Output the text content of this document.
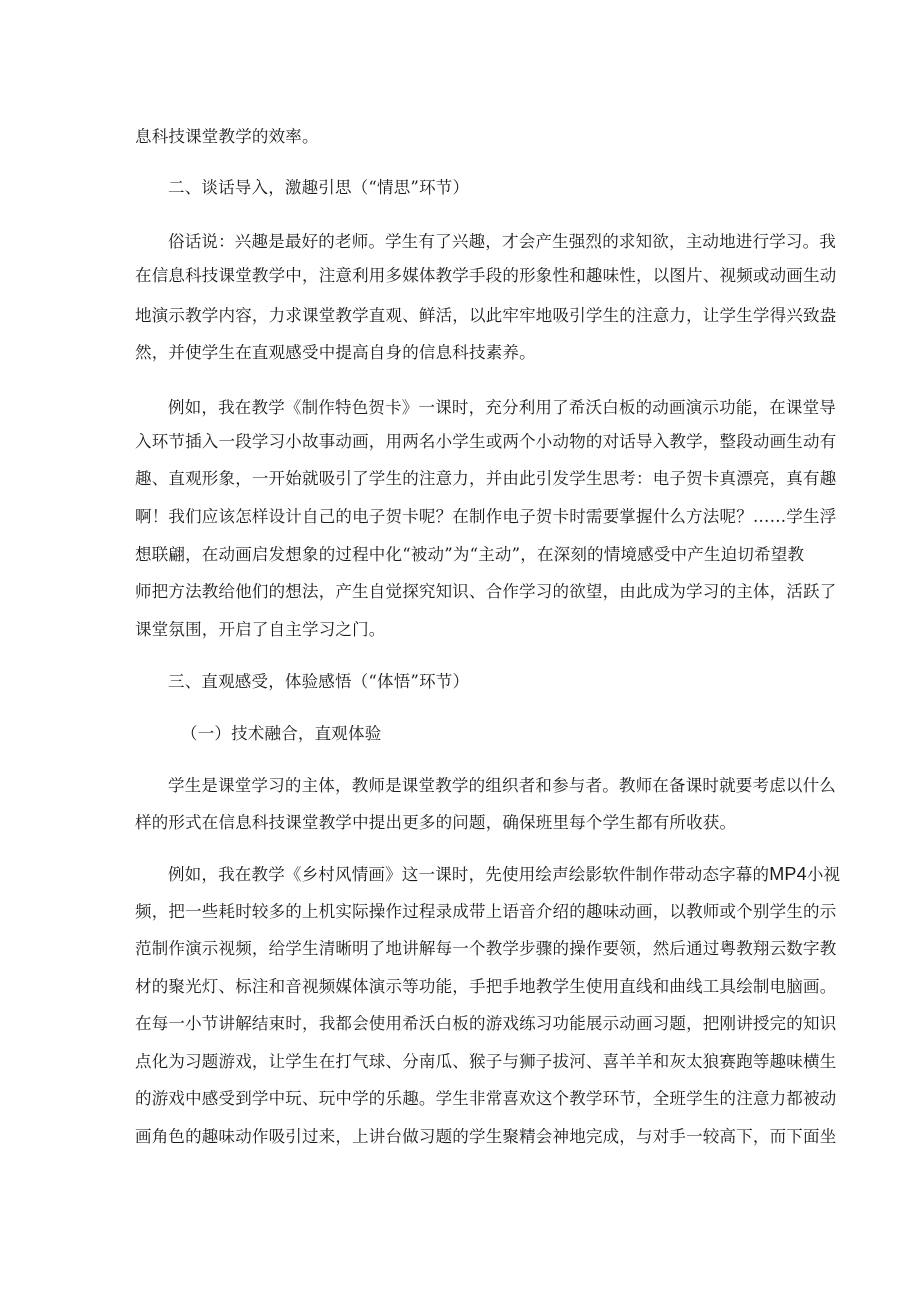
息科技课堂教学的效率。
二、谈话导入，激趣引思（“情思”环节）
俗话说：兴趣是最好的老师。学生有了兴趣，才会产生强烈的求知欲，主动地进行学习。我
在信息科技课堂教学中，注意利用多媒体教学手段的形象性和趣味性，以图片、视频或动画生动
地演示教学内容，力求课堂教学直观、鲜活，以此牢牢地吸引学生的注意力，让学生学得兴致盎
然，并使学生在直观感受中提高自身的信息科技素养。
例如，我在教学《制作特色贺卡》一课时，充分利用了希沃白板的动画演示功能，在课堂导
入环节插入一段学习小故事动画，用两名小学生或两个小动物的对话导入教学，整段动画生动有
趣、直观形象，一开始就吸引了学生的注意力，并由此引发学生思考：电子贺卡真漂亮，真有趣
啊！我们应该怎样设计自己的电子贺卡呢？在制作电子贺卡时需要掌握什么方法呢？……学生浮
想联翩，在动画启发想象的过程中化“被动”为“主动”，在深刻的情境感受中产生迫切希望教
师把方法教给他们的想法，产生自觉探究知识、合作学习的欲望，由此成为学习的主体，活跃了
课堂氛围，开启了自主学习之门。
三、直观感受，体验感悟（“体悟”环节）
（一）技术融合，直观体验
学生是课堂学习的主体，教师是课堂教学的组织者和参与者。教师在备课时就要考虑以什么
样的形式在信息科技课堂教学中提出更多的问题，确保班里每个学生都有所收获。
例如，我在教学《乡村风情画》这一课时，先使用绘声绘影软件制作带动态字幕的MP4小视
频，把一些耗时较多的上机实际操作过程录成带上语音介绍的趣味动画，以教师或个别学生的示
范制作演示视频，给学生清晰明了地讲解每一个教学步骤的操作要领，然后通过粤教翔云数字教
材的聚光灯、标注和音视频媒体演示等功能，手把手地教学生使用直线和曲线工具绘制电脑画。
在每一小节讲解结束时，我都会使用希沃白板的游戏练习功能展示动画习题，把刚讲授完的知识
点化为习题游戏，让学生在打气球、分南瓜、猴子与狮子拔河、喜羊羊和灰太狼赛跑等趣味横生
的游戏中感受到学中玩、玩中学的乐趣。学生非常喜欢这个教学环节，全班学生的注意力都被动
画角色的趣味动作吸引过来，上讲台做习题的学生聚精会神地完成，与对手一较高下，而下面坐
